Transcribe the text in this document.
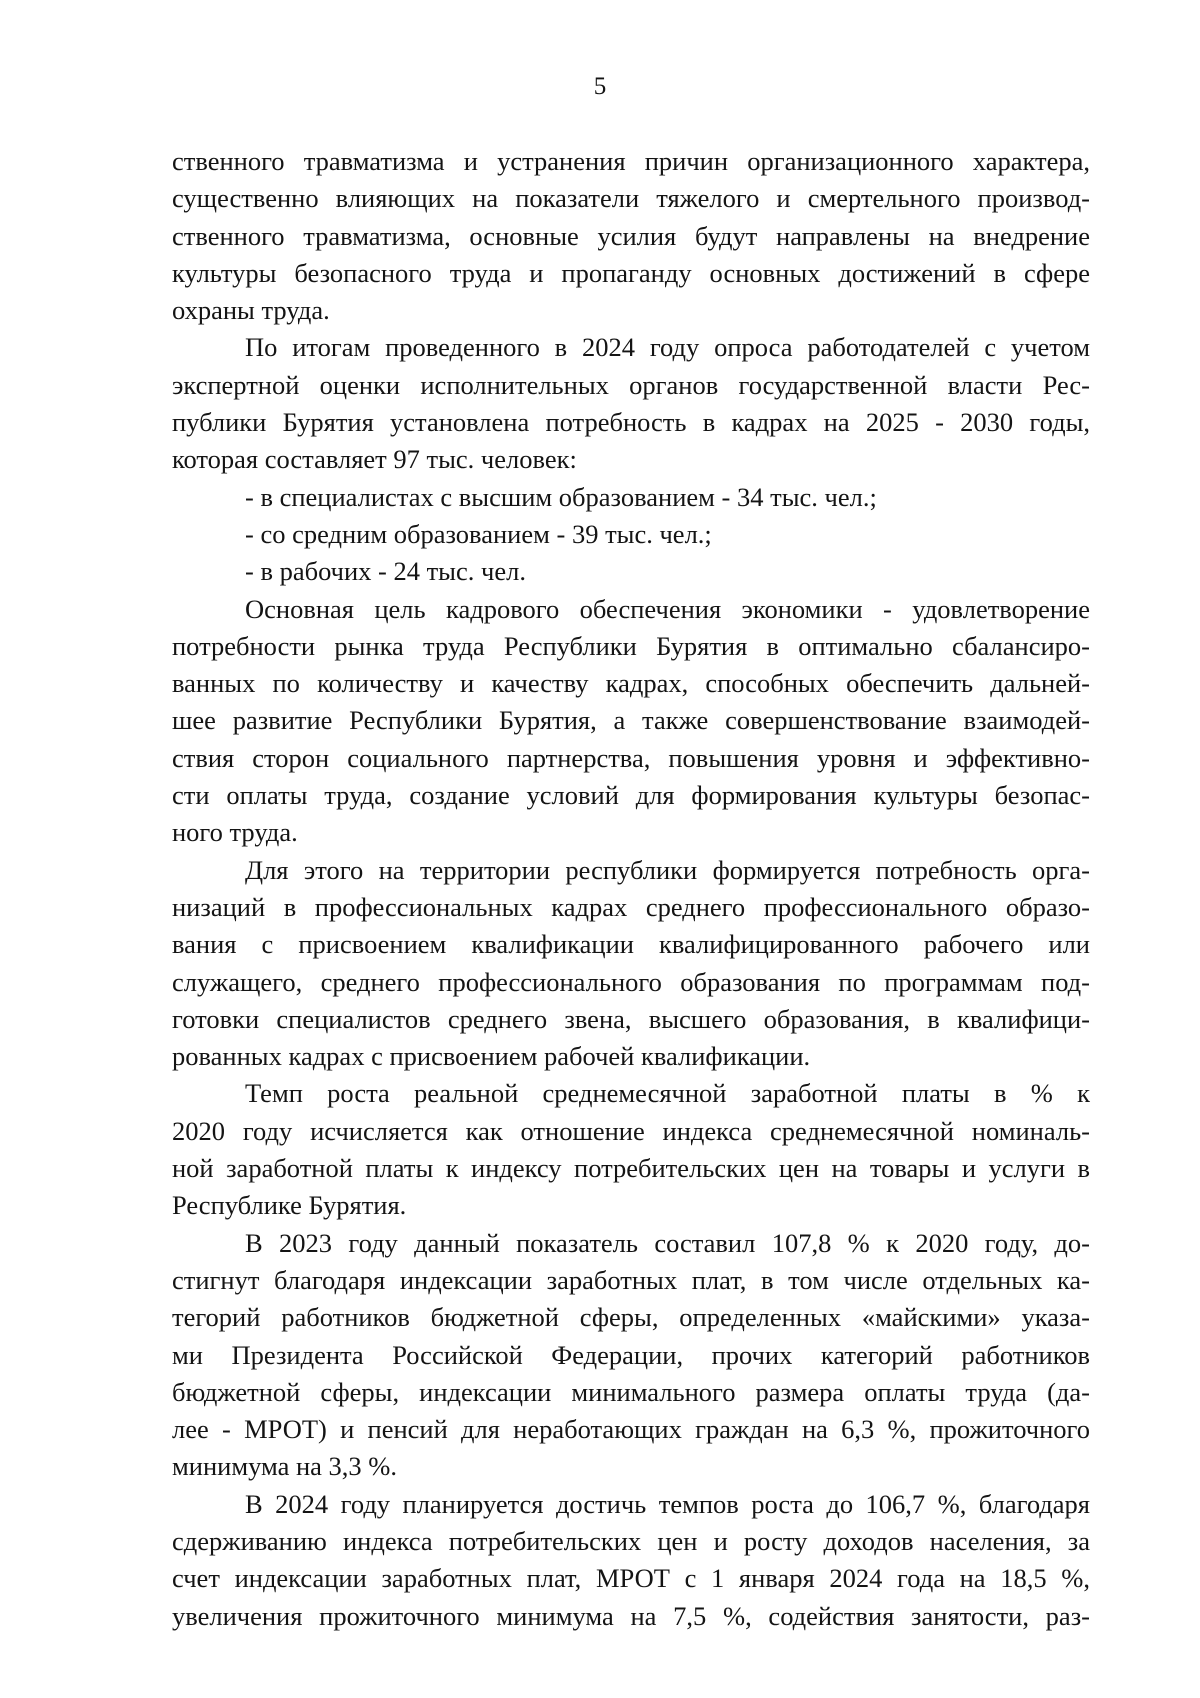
5
ственного травматизма и устранения причин организационного характера,
существенно влияющих на показатели тяжелого и смертельного производ-
ственного травматизма, основные усилия будут направлены на внедрение
культуры безопасного труда и пропаганду основных достижений в сфере
охраны труда.
По итогам проведенного в 2024 году опроса работодателей с учетом
экспертной оценки исполнительных органов государственной власти Рес-
публики Бурятия установлена потребность в кадрах на 2025 - 2030 годы,
которая составляет 97 тыс. человек:
- в специалистах с высшим образованием - 34 тыс. чел.;
- со средним образованием - 39 тыс. чел.;
- в рабочих - 24 тыс. чел.
Основная цель кадрового обеспечения экономики - удовлетворение
потребности рынка труда Республики Бурятия в оптимально сбалансиро-
ванных по количеству и качеству кадрах, способных обеспечить дальней-
шее развитие Республики Бурятия, а также совершенствование взаимодей-
ствия сторон социального партнерства, повышения уровня и эффективно-
сти оплаты труда, создание условий для формирования культуры безопас-
ного труда.
Для этого на территории республики формируется потребность орга-
низаций в профессиональных кадрах среднего профессионального образо-
вания с присвоением квалификации квалифицированного рабочего или
служащего, среднего профессионального образования по программам под-
готовки специалистов среднего звена, высшего образования, в квалифици-
рованных кадрах с присвоением рабочей квалификации.
Темп роста реальной среднемесячной заработной платы в % к
2020 году исчисляется как отношение индекса среднемесячной номиналь-
ной заработной платы к индексу потребительских цен на товары и услуги в
Республике Бурятия.
В 2023 году данный показатель составил 107,8 % к 2020 году, до-
стигнут благодаря индексации заработных плат, в том числе отдельных ка-
тегорий работников бюджетной сферы, определенных «майскими» указа-
ми Президента Российской Федерации, прочих категорий работников
бюджетной сферы, индексации минимального размера оплаты труда (да-
лее - МРОТ) и пенсий для неработающих граждан на 6,3 %, прожиточного
минимума на 3,3 %.
В 2024 году планируется достичь темпов роста до 106,7 %, благодаря
сдерживанию индекса потребительских цен и росту доходов населения, за
счет индексации заработных плат, МРОТ с 1 января 2024 года на 18,5 %,
увеличения прожиточного минимума на 7,5 %, содействия занятости, раз-
